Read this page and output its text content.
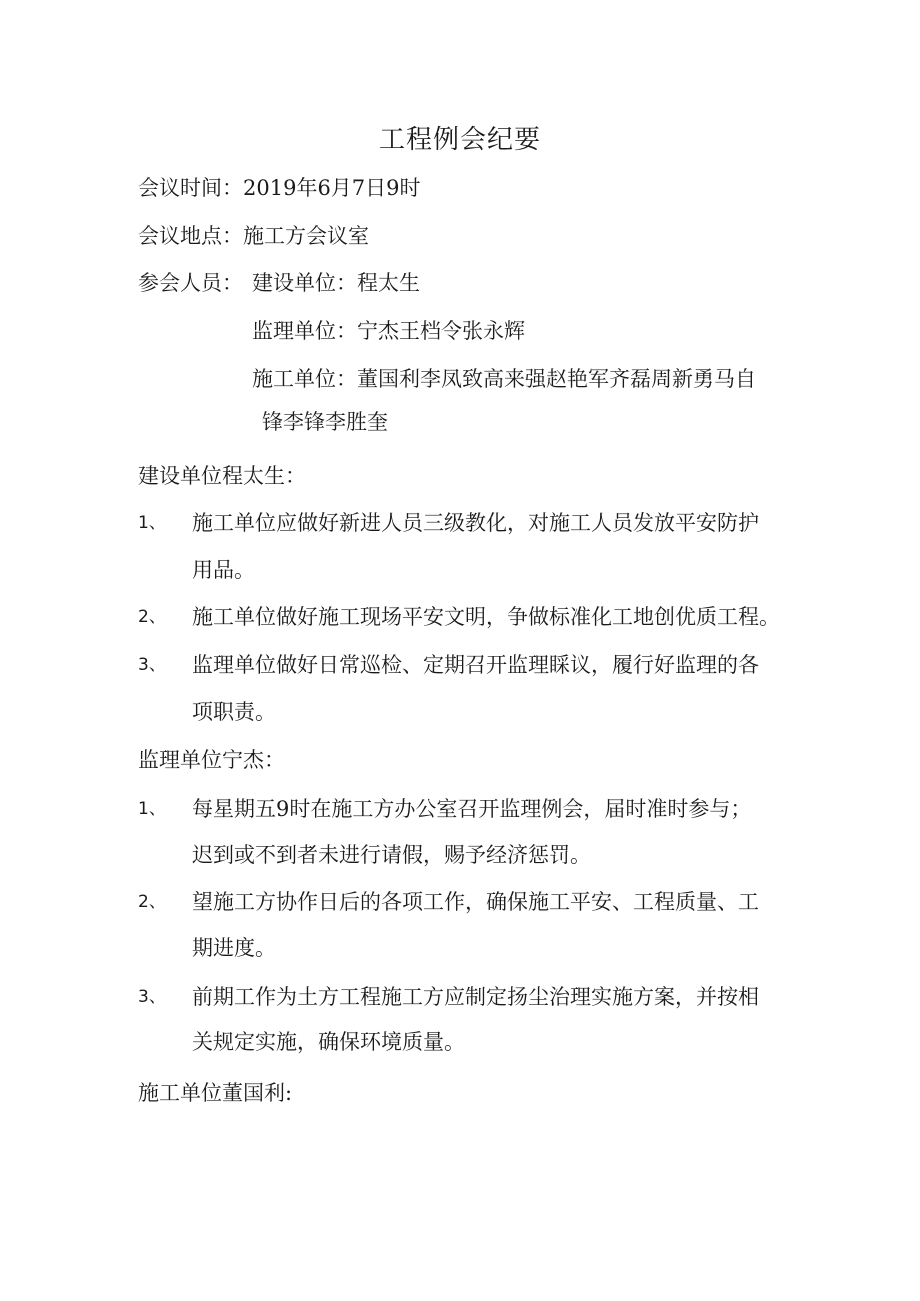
工程例会纪要
会议时间：2019年6月7日9时
会议地点：施工方会议室
参会人员： 建设单位：程太生
监理单位：宁杰王档令张永辉
施工单位：董国利李凤致高来强赵艳军齐磊周新勇马自
锋李锋李胜奎
建设单位程太生：
1、 施工单位应做好新进人员三级教化，对施工人员发放平安防护
用品。
2、 施工单位做好施工现场平安文明，争做标准化工地创优质工程。
3、 监理单位做好日常巡检、定期召开监理睬议，履行好监理的各
项职责。
监理单位宁杰：
1、 每星期五9时在施工方办公室召开监理例会，届时准时参与；
迟到或不到者未进行请假，赐予经济惩罚。
2、 望施工方协作日后的各项工作，确保施工平安、工程质量、工
期进度。
3、 前期工作为土方工程施工方应制定扬尘治理实施方案，并按相
关规定实施，确保环境质量。
施工单位董国利:
